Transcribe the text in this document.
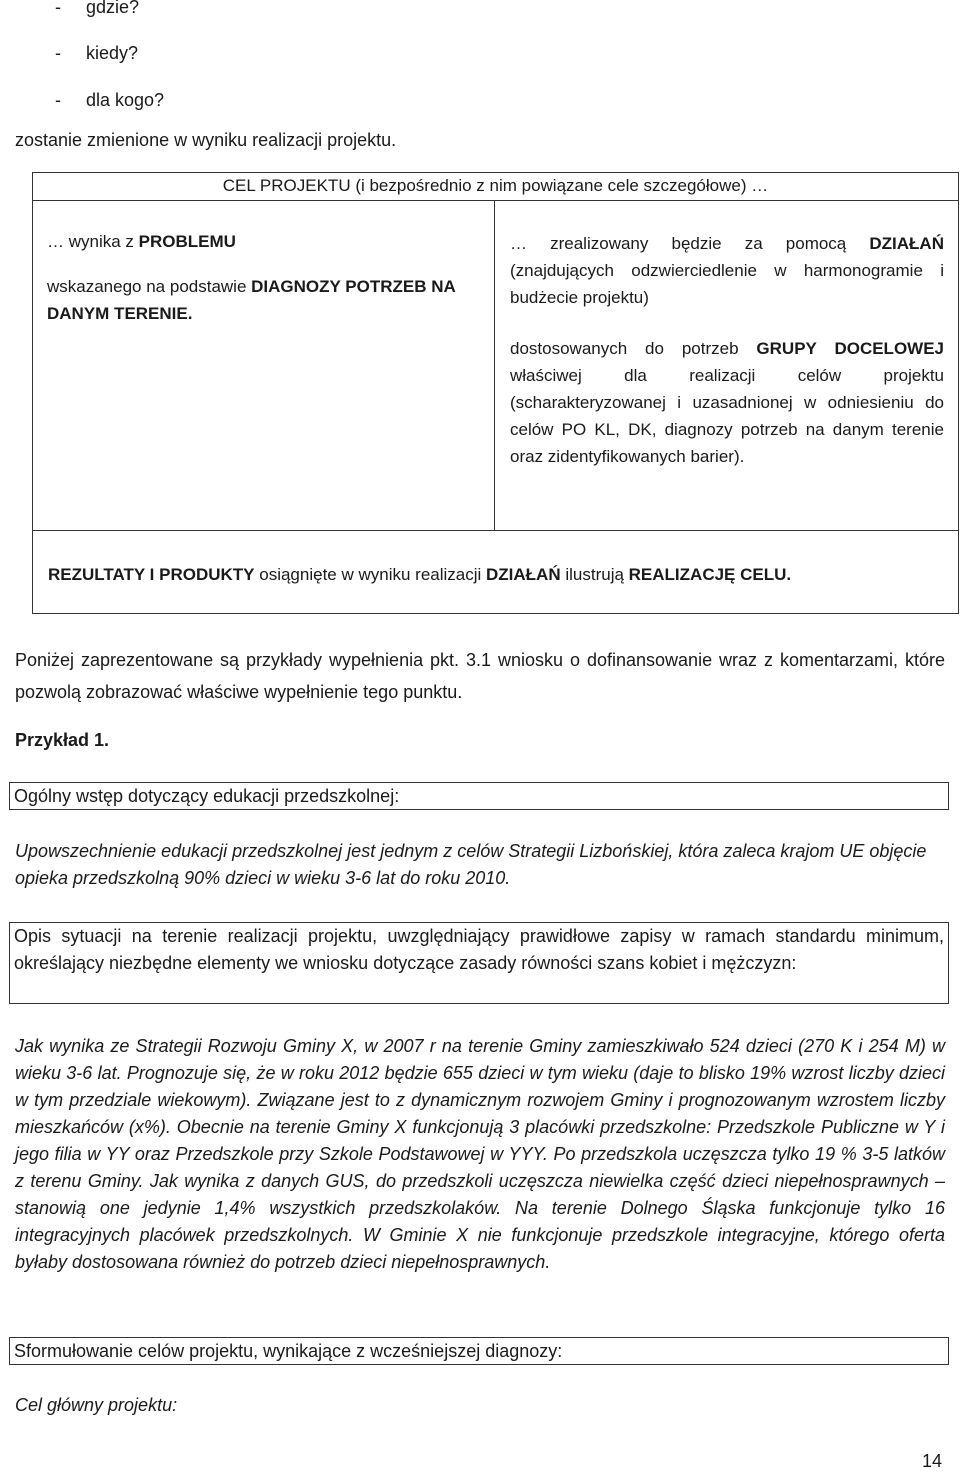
-     gdzie?
-     kiedy?
-     dla kogo?
zostanie zmienione w wyniku realizacji projektu.
CEL PROJEKTU (i bezpośrednio z nim powiązane cele szczegółowe) …
… wynika z PROBLEMU
wskazanego na podstawie DIAGNOZY POTRZEB NA DANYM TERENIE.
… zrealizowany będzie za pomocą DZIAŁAŃ (znajdujących odzwierciedlenie w harmonogramie i budżecie projektu)
dostosowanych do potrzeb GRUPY DOCELOWEJ właściwej dla realizacji celów projektu (scharakteryzowanej i uzasadnionej w odniesieniu do celów PO KL, DK, diagnozy potrzeb na danym terenie oraz zidentyfikowanych barier).
REZULTATY I PRODUKTY osiągnięte w wyniku realizacji DZIAŁAŃ ilustrują REALIZACJĘ CELU.
Poniżej zaprezentowane są przykłady wypełnienia pkt. 3.1 wniosku o dofinansowanie wraz z komentarzami, które pozwolą zobrazować właściwe wypełnienie tego punktu.
Przykład 1.
Ogólny wstęp dotyczący edukacji przedszkolnej:
Upowszechnienie edukacji przedszkolnej jest jednym z celów Strategii Lizbońskiej, która zaleca krajom UE objęcie opieka przedszkolną 90% dzieci w wieku 3-6 lat do roku 2010.
Opis sytuacji na terenie realizacji projektu, uwzględniający prawidłowe zapisy w ramach standardu minimum, określający niezbędne elementy we wniosku dotyczące zasady równości szans kobiet i mężczyzn:
Jak wynika ze Strategii Rozwoju Gminy X, w 2007 r na terenie Gminy zamieszkiwało 524 dzieci (270 K i 254 M) w wieku 3-6 lat. Prognozuje się, że w roku 2012 będzie 655 dzieci w tym wieku (daje to blisko 19% wzrost liczby dzieci w tym przedziale wiekowym). Związane jest to z dynamicznym rozwojem Gminy i prognozowanym wzrostem liczby mieszkańców (x%). Obecnie na terenie Gminy X funkcjonują 3 placówki przedszkolne: Przedszkole Publiczne w Y i jego filia w YY oraz Przedszkole przy Szkole Podstawowej w YYY. Po przedszkola uczęszcza tylko 19 % 3-5 latków z terenu Gminy. Jak wynika z danych GUS, do przedszkoli uczęszcza niewielka część dzieci niepełnosprawnych – stanowią one jedynie 1,4% wszystkich przedszkolaków. Na terenie Dolnego Śląska funkcjonuje tylko 16 integracyjnych placówek przedszkolnych. W Gminie X nie funkcjonuje przedszkole integracyjne, którego oferta byłaby dostosowana również do potrzeb dzieci niepełnosprawnych.
Sformułowanie celów projektu, wynikające z wcześniejszej diagnozy:
Cel główny projektu:
14
